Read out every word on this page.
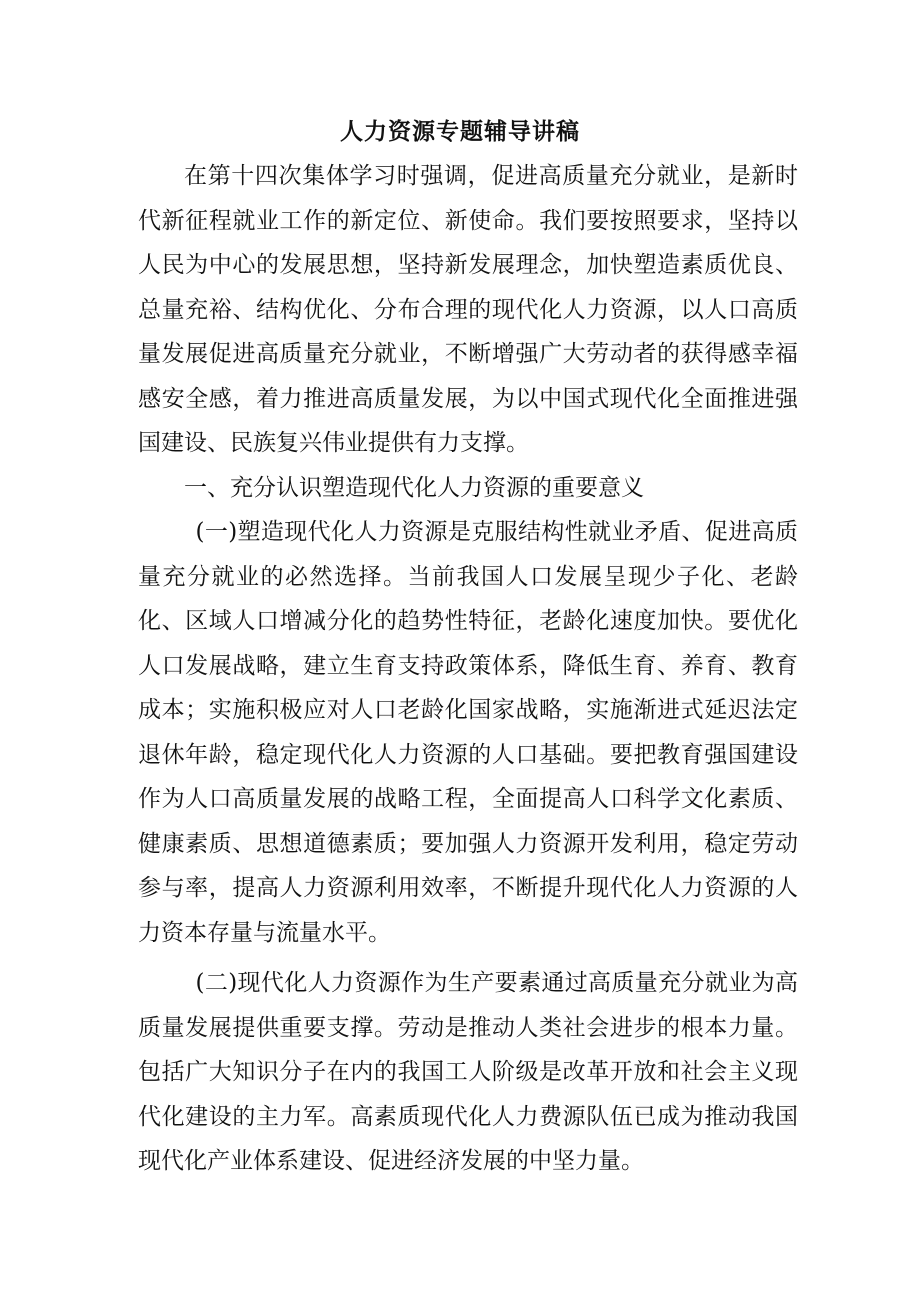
人力资源专题辅导讲稿

在第十四次集体学习时强调，促进高质量充分就业，是新时代新征程就业工作的新定位、新使命。我们要按照要求，坚持以人民为中心的发展思想，坚持新发展理念，加快塑造素质优良、总量充裕、结构优化、分布合理的现代化人力资源，以人口高质量发展促进高质量充分就业，不断增强广大劳动者的获得感幸福感安全感，着力推进高质量发展，为以中国式现代化全面推进强国建设、民族复兴伟业提供有力支撑。

一、充分认识塑造现代化人力资源的重要意义

(一)塑造现代化人力资源是克服结构性就业矛盾、促进高质量充分就业的必然选择。当前我国人口发展呈现少子化、老龄化、区域人口增减分化的趋势性特征，老龄化速度加快。要优化人口发展战略，建立生育支持政策体系，降低生育、养育、教育成本；实施积极应对人口老龄化国家战略，实施渐进式延迟法定退休年龄，稳定现代化人力资源的人口基础。要把教育强国建设作为人口高质量发展的战略工程，全面提高人口科学文化素质、健康素质、思想道德素质；要加强人力资源开发利用，稳定劳动参与率，提高人力资源利用效率，不断提升现代化人力资源的人力资本存量与流量水平。

(二)现代化人力资源作为生产要素通过高质量充分就业为高质量发展提供重要支撑。劳动是推动人类社会进步的根本力量。包括广大知识分子在内的我国工人阶级是改革开放和社会主义现代化建设的主力军。高素质现代化人力费源队伍已成为推动我国现代化产业体系建设、促进经济发展的中坚力量。
